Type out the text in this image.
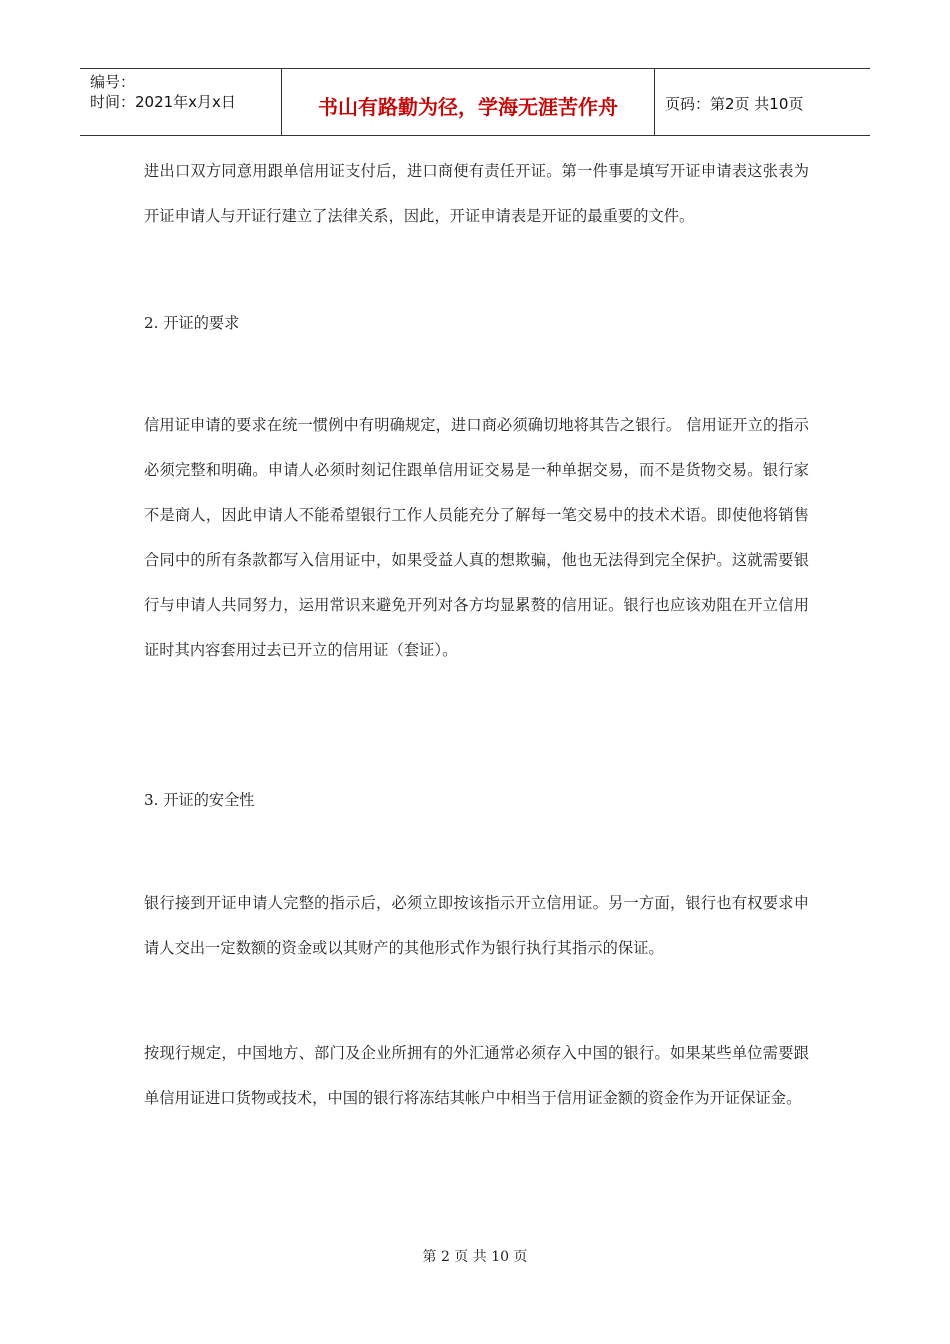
编号：
时间：2021年x月x日	书山有路勤为径，学海无涯苦作舟	页码：第2页 共10页

进出口双方同意用跟单信用证支付后，进口商便有责任开证。第一件事是填写开证申请表这张表为开证申请人与开证行建立了法律关系，因此，开证申请表是开证的最重要的文件。

2. 开证的要求

信用证申请的要求在统一惯例中有明确规定，进口商必须确切地将其告之银行。 信用证开立的指示必须完整和明确。申请人必须时刻记住跟单信用证交易是一种单据交易，而不是货物交易。银行家不是商人，因此申请人不能希望银行工作人员能充分了解每一笔交易中的技术术语。即使他将销售合同中的所有条款都写入信用证中，如果受益人真的想欺骗，他也无法得到完全保护。这就需要银行与申请人共同努力，运用常识来避免开列对各方均显累赘的信用证。银行也应该劝阻在开立信用证时其内容套用过去已开立的信用证（套证）。

3. 开证的安全性

银行接到开证申请人完整的指示后，必须立即按该指示开立信用证。另一方面，银行也有权要求申请人交出一定数额的资金或以其财产的其他形式作为银行执行其指示的保证。

按现行规定，中国地方、部门及企业所拥有的外汇通常必须存入中国的银行。如果某些单位需要跟单信用证进口货物或技术，中国的银行将冻结其帐户中相当于信用证金额的资金作为开证保证金。

第 2 页 共 10 页
